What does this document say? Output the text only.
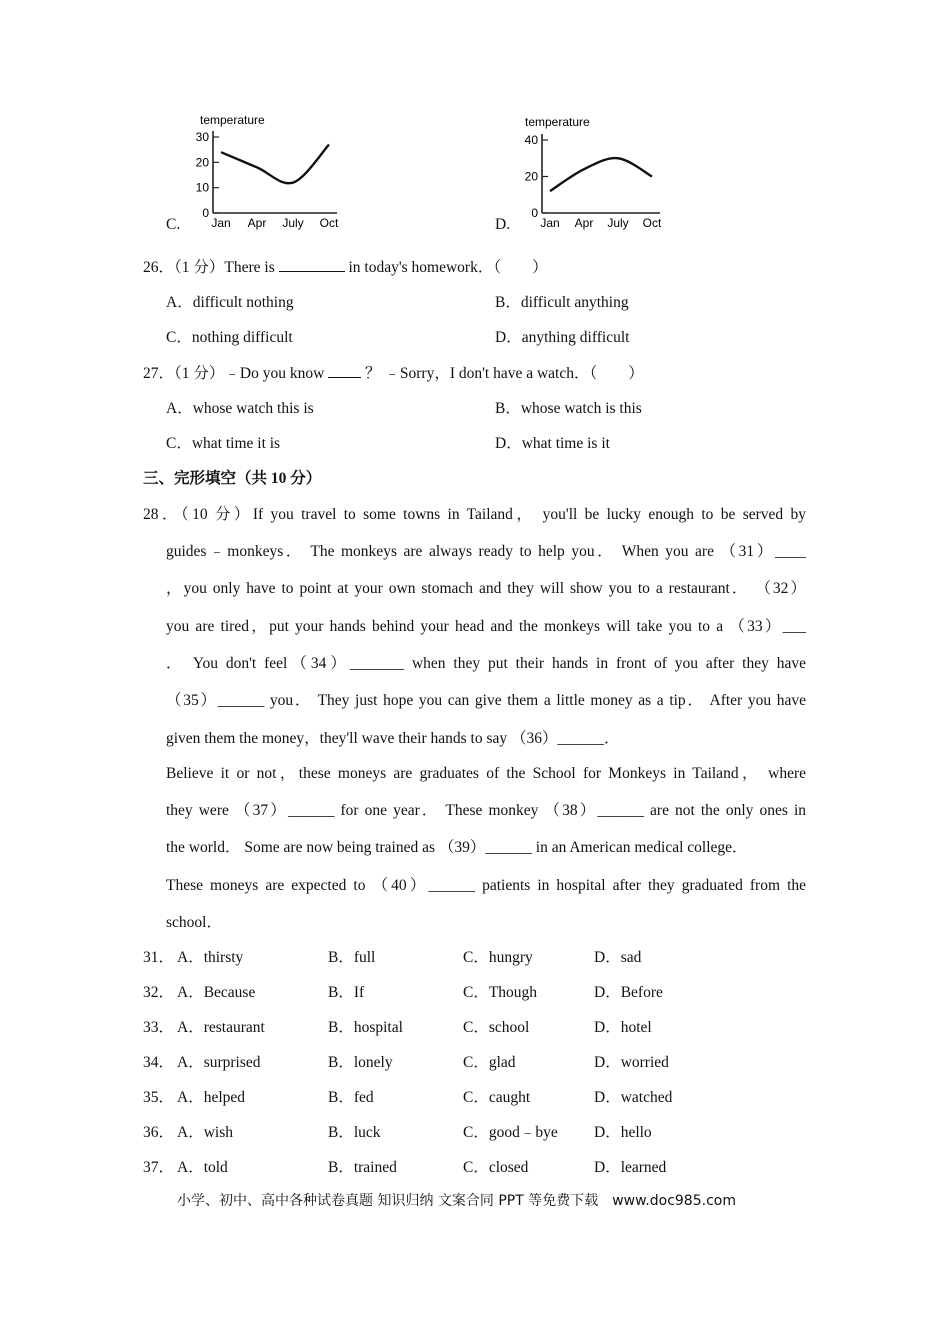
C.
temperature
0
10
20
30
Jan Apr July Oct	D.
temperature
0
20
40
Jan Apr July Oct
26．（1 分）There is	in today's homework．（　　）
A．difficult nothing	B．difficult anything
C．nothing difficult	D．anything difficult
27．（1 分）﹣Do you know	？ ﹣Sorry，I don't have a watch．（　　）
A．whose watch this is	B．whose watch is this
C．what time it is	D．what time is it
三、完形填空（共 10 分）
28．（10 分）If you travel to some towns in Tailand， you'll be lucky enough to be served by
guides﹣monkeys． The monkeys are always ready to help you． When you are （31）____
，you only have to point at your own stomach and they will show you to a restaurant． （32）
you are tired，put your hands behind your head and the monkeys will take you to a （33）___
． You don't feel（34）_______ when they put their hands in front of you after they have
（35）______ you． They just hope you can give them a little money as a tip． After you have
given them the money，they'll wave their hands to say （36）______．
Believe it or not，these moneys are graduates of the School for Monkeys in Tailand， where
they were （37）______ for one year． These monkey （38）______ are not the only ones in
the world． Some are now being trained as （39）______ in an American medical college．
These moneys are expected to （40）______ patients in hospital after they graduated from the
school．
31． A．thirsty	B．full	C．hungry	D．sad
32． A．Because	B．If	C．Though	D．Before
33． A．restaurant	B．hospital	C．school	D．hotel
34． A．surprised	B．lonely	C．glad	D．worried
35． A．helped	B．fed	C．caught	D．watched
36． A．wish	B．luck	C．good﹣bye D．hello
37． A．told	B．trained	C．closed	D．learned
小学、初中、高中各种试卷真题 知识归纳 文案合同 PPT 等免费下载　www.doc985.com
